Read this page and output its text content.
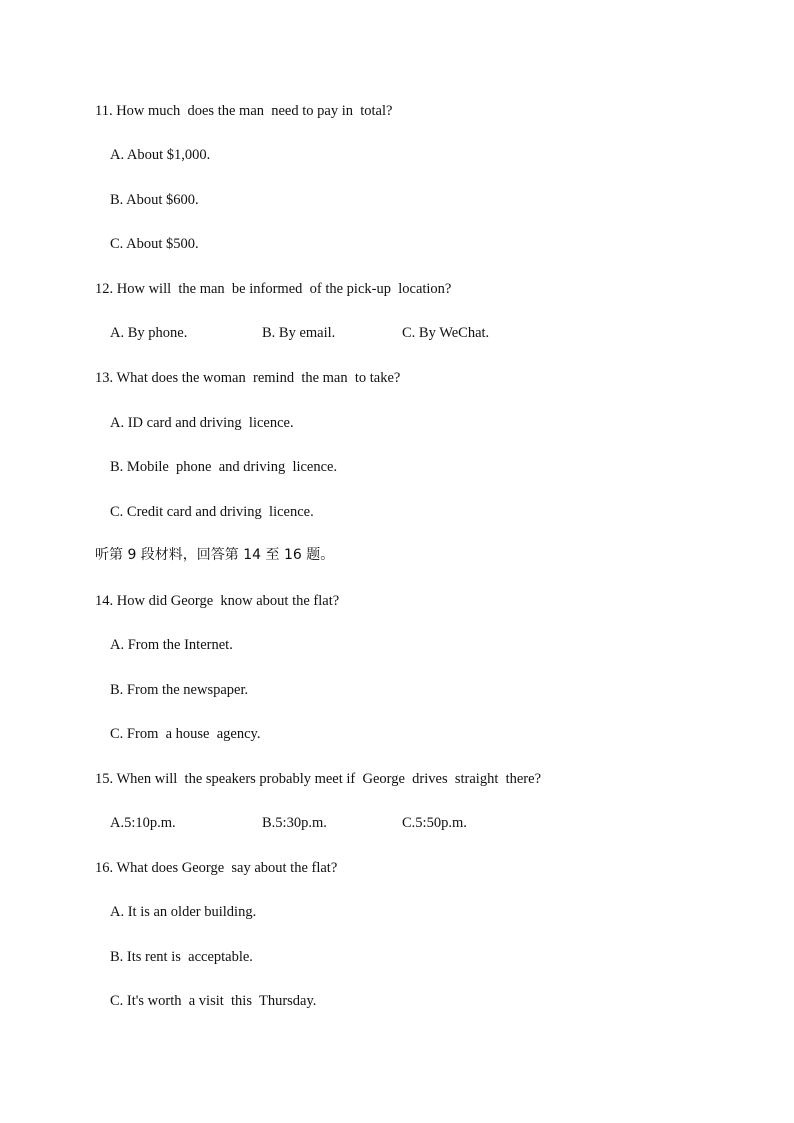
11. How much  does the man  need to pay in  total?

A. About $1,000.

B. About $600.

C. About $500.

12. How will  the man  be informed  of the pick-up  location?

A. By phone.

	B. By email.

	C. By WeChat.

13. What does the woman  remind  the man  to take?

A. ID card and driving  licence.

B. Mobile  phone  and driving  licence.

C. Credit card and driving  licence.

听第 9 段材料，回答第 14 至 16 题。

14. How did George  know about the flat?

A. From the Internet.

B. From the newspaper.

C. From  a house  agency.

15. When will  the speakers probably meet if  George  drives  straight  there?

A.5:10p.m.

	B.5:30p.m.

	C.5:50p.m.

16. What does George  say about the flat?

A. It is an older building.

B. Its rent is  acceptable.

C. It's worth  a visit  this  Thursday.
